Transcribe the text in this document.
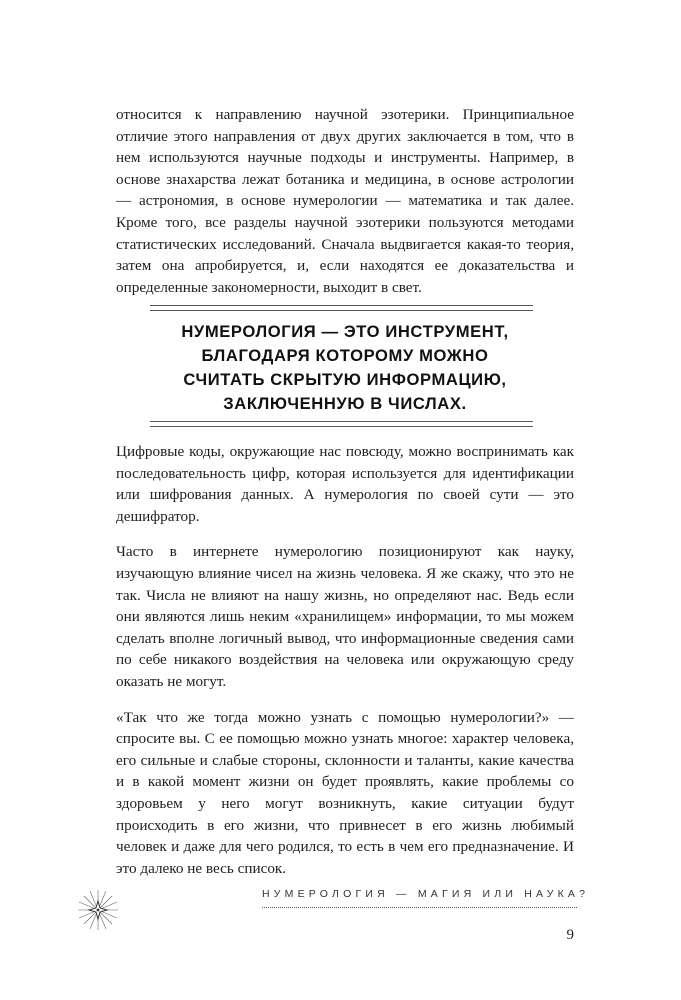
относится к направлению научной эзотерики. Принципиальное отличие этого направления от двух других заключается в том, что в нем используются научные подходы и инструменты. Например, в основе знахарства лежат ботаника и медицина, в основе астрологии — астрономия, в основе нумерологии — математика и так далее. Кроме того, все разделы научной эзотерики пользуются методами статистических исследований. Сначала выдвигается какая-то теория, затем она апробируется, и, если находятся ее доказательства и определенные закономерности, выходит в свет.

НУМЕРОЛОГИЯ — ЭТО ИНСТРУМЕНТ,
БЛАГОДАРЯ КОТОРОМУ МОЖНО
СЧИТАТЬ СКРЫТУЮ ИНФОРМАЦИЮ,
ЗАКЛЮЧЕННУЮ В ЧИСЛАХ.

Цифровые коды, окружающие нас повсюду, можно воспринимать как последовательность цифр, которая используется для идентификации или шифрования данных. А нумерология по своей сути — это дешифратор.

Часто в интернете нумерологию позиционируют как науку, изучающую влияние чисел на жизнь человека. Я же скажу, что это не так. Числа не влияют на нашу жизнь, но определяют нас. Ведь если они являются лишь неким «хранилищем» информации, то мы можем сделать вполне логичный вывод, что информационные сведения сами по себе никакого воздействия на человека или окружающую среду оказать не могут.

«Так что же тогда можно узнать с помощью нумерологии?» — спросите вы. С ее помощью можно узнать многое: характер человека, его сильные и слабые стороны, склонности и таланты, какие качества и в какой момент жизни он будет проявлять, какие проблемы со здоровьем у него могут возникнуть, какие ситуации будут происходить в его жизни, что привнесет в его жизнь любимый человек и даже для чего родился, то есть в чем его предназначение. И это далеко не весь список.

НУМЕРОЛОГИЯ — МАГИЯ ИЛИ НАУКА?
9
